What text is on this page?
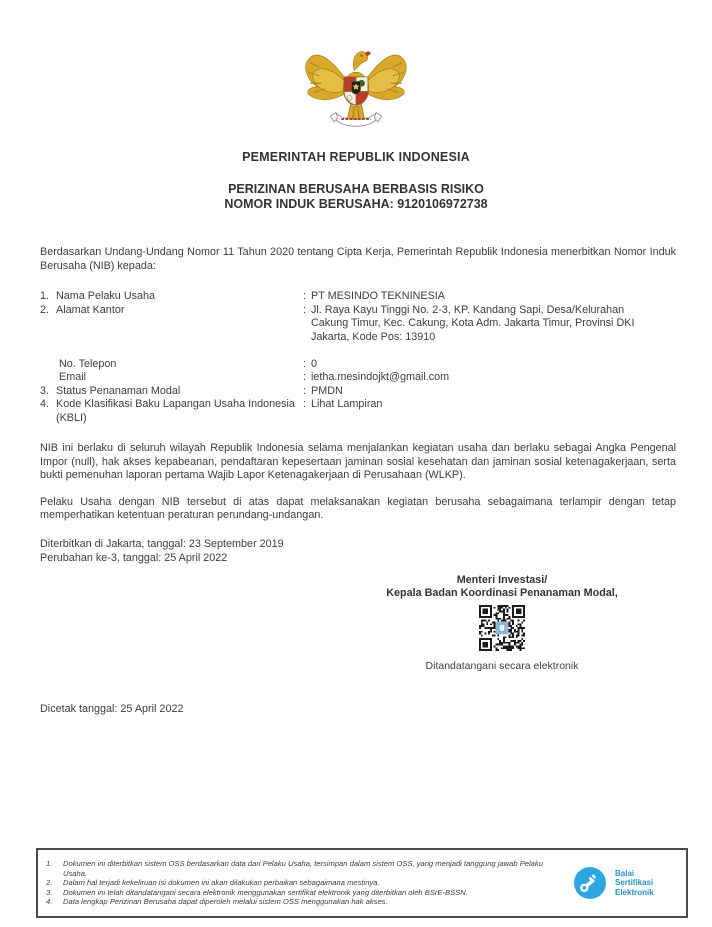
PEMERINTAH REPUBLIK INDONESIA
PERIZINAN BERUSAHA BERBASIS RISIKO
NOMOR INDUK BERUSAHA: 9120106972738

Berdasarkan Undang-Undang Nomor 11 Tahun 2020 tentang Cipta Kerja, Pemerintah Republik Indonesia menerbitkan Nomor Induk Berusaha (NIB) kepada:

1. Nama Pelaku Usaha	: PT MESINDO TEKNINESIA
2. Alamat Kantor	: Jl. Raya Kayu Tinggi No. 2-3, KP. Kandang Sapi, Desa/Kelurahan Cakung Timur, Kec. Cakung, Kota Adm. Jakarta Timur, Provinsi DKI Jakarta, Kode Pos: 13910
No. Telepon	: 0
Email	: ietha.mesindojkt@gmail.com
3. Status Penanaman Modal	: PMDN
4. Kode Klasifikasi Baku Lapangan Usaha Indonesia (KBLI)
: Lihat Lampiran

NIB ini berlaku di seluruh wilayah Republik Indonesia selama menjalankan kegiatan usaha dan berlaku sebagai Angka Pengenal Impor (null), hak akses kepabeanan, pendaftaran kepesertaan jaminan sosial kesehatan dan jaminan sosial ketenagakerjaan, serta bukti pemenuhan laporan pertama Wajib Lapor Ketenagakerjaan di Perusahaan (WLKP).

Pelaku Usaha dengan NIB tersebut di atas dapat melaksanakan kegiatan berusaha sebagaimana terlampir dengan tetap memperhatikan ketentuan peraturan perundang-undangan.

Diterbitkan di Jakarta, tanggal: 23 September 2019
Perubahan ke-3, tanggal: 25 April 2022
Menteri Investasi/
Kepala Badan Koordinasi Penanaman Modal,
Ditandatangani secara elektronik
Dicetak tanggal: 25 April 2022
1.	Dokumen ini diterbitkan sistem OSS berdasarkan data dari Pelaku Usaha, tersimpan dalam sistem OSS, yang menjadi tanggung jawab Pelaku Usaha.
2.	Dalam hal terjadi kekeliruan isi dokumen ini akan dilakukan perbaikan sebagaimana mestinya.
3.	Dokumen ini telah ditandatangani secara elektronik menggunakan sertifikat elektronik yang diterbitkan oleh BSrE-BSSN.
4.	Data lengkap Perizinan Berusaha dapat diperoleh melalui sistem OSS menggunakan hak akses.
Balai
Sertifikasi
Elektronik
